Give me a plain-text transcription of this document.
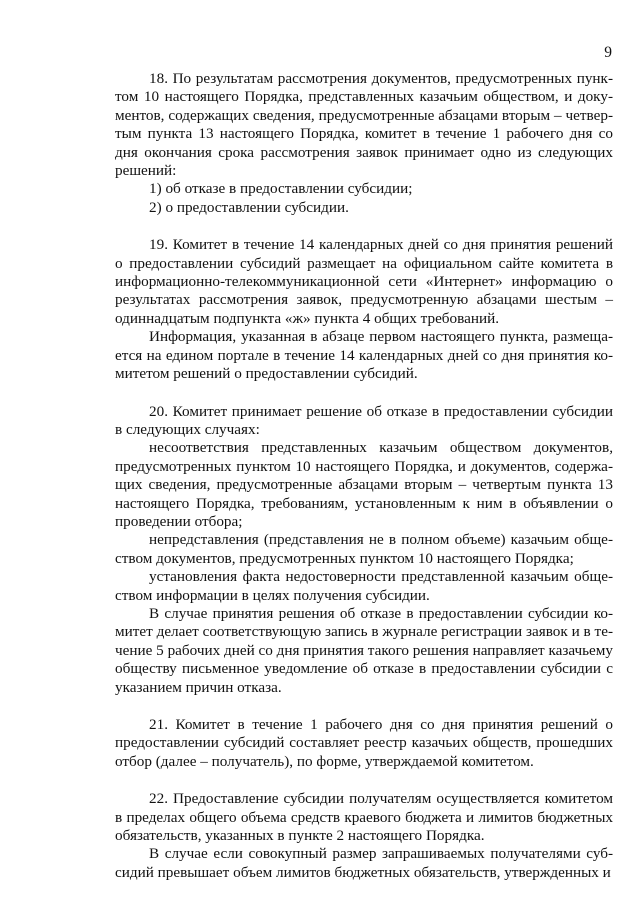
9

18. По результатам рассмотрения документов, предусмотренных пунктом 10 настоящего Порядка, представленных казачьим обществом, и документов, содержащих сведения, предусмотренные абзацами вторым – четвертым пункта 13 настоящего Порядка, комитет в течение 1 рабочего дня со дня окончания срока рассмотрения заявок принимает одно из следующих решений:

1) об отказе в предоставлении субсидии;

2) о предоставлении субсидии.

19. Комитет в течение 14 календарных дней со дня принятия решений о предоставлении субсидий размещает на официальном сайте комитета в информационно-телекоммуникационной сети «Интернет» информацию о результатах рассмотрения заявок, предусмотренную абзацами шестым – одиннадцатым подпункта «ж» пункта 4 общих требований.

Информация, указанная в абзаце первом настоящего пункта, размещается на едином портале в течение 14 календарных дней со дня принятия комитетом решений о предоставлении субсидий.

20. Комитет принимает решение об отказе в предоставлении субсидии в следующих случаях:

несоответствия представленных казачьим обществом документов, предусмотренных пунктом 10 настоящего Порядка, и документов, содержащих сведения, предусмотренные абзацами вторым – четвертым пункта 13 настоящего Порядка, требованиям, установленным к ним в объявлении о проведении отбора;

непредставления (представления не в полном объеме) казачьим обществом документов, предусмотренных пунктом 10 настоящего Порядка;

установления факта недостоверности представленной казачьим обществом информации в целях получения субсидии.

В случае принятия решения об отказе в предоставлении субсидии комитет делает соответствующую запись в журнале регистрации заявок и в течение 5 рабочих дней со дня принятия такого решения направляет казачьему обществу письменное уведомление об отказе в предоставлении субсидии с указанием причин отказа.

21. Комитет в течение 1 рабочего дня со дня принятия решений о предоставлении субсидий составляет реестр казачьих обществ, прошедших отбор (далее – получатель), по форме, утверждаемой комитетом.

22. Предоставление субсидии получателям осуществляется комитетом в пределах общего объема средств краевого бюджета и лимитов бюджетных обязательств, указанных в пункте 2 настоящего Порядка.

В случае если совокупный размер запрашиваемых получателями субсидий превышает объем лимитов бюджетных обязательств, утвержденных и
